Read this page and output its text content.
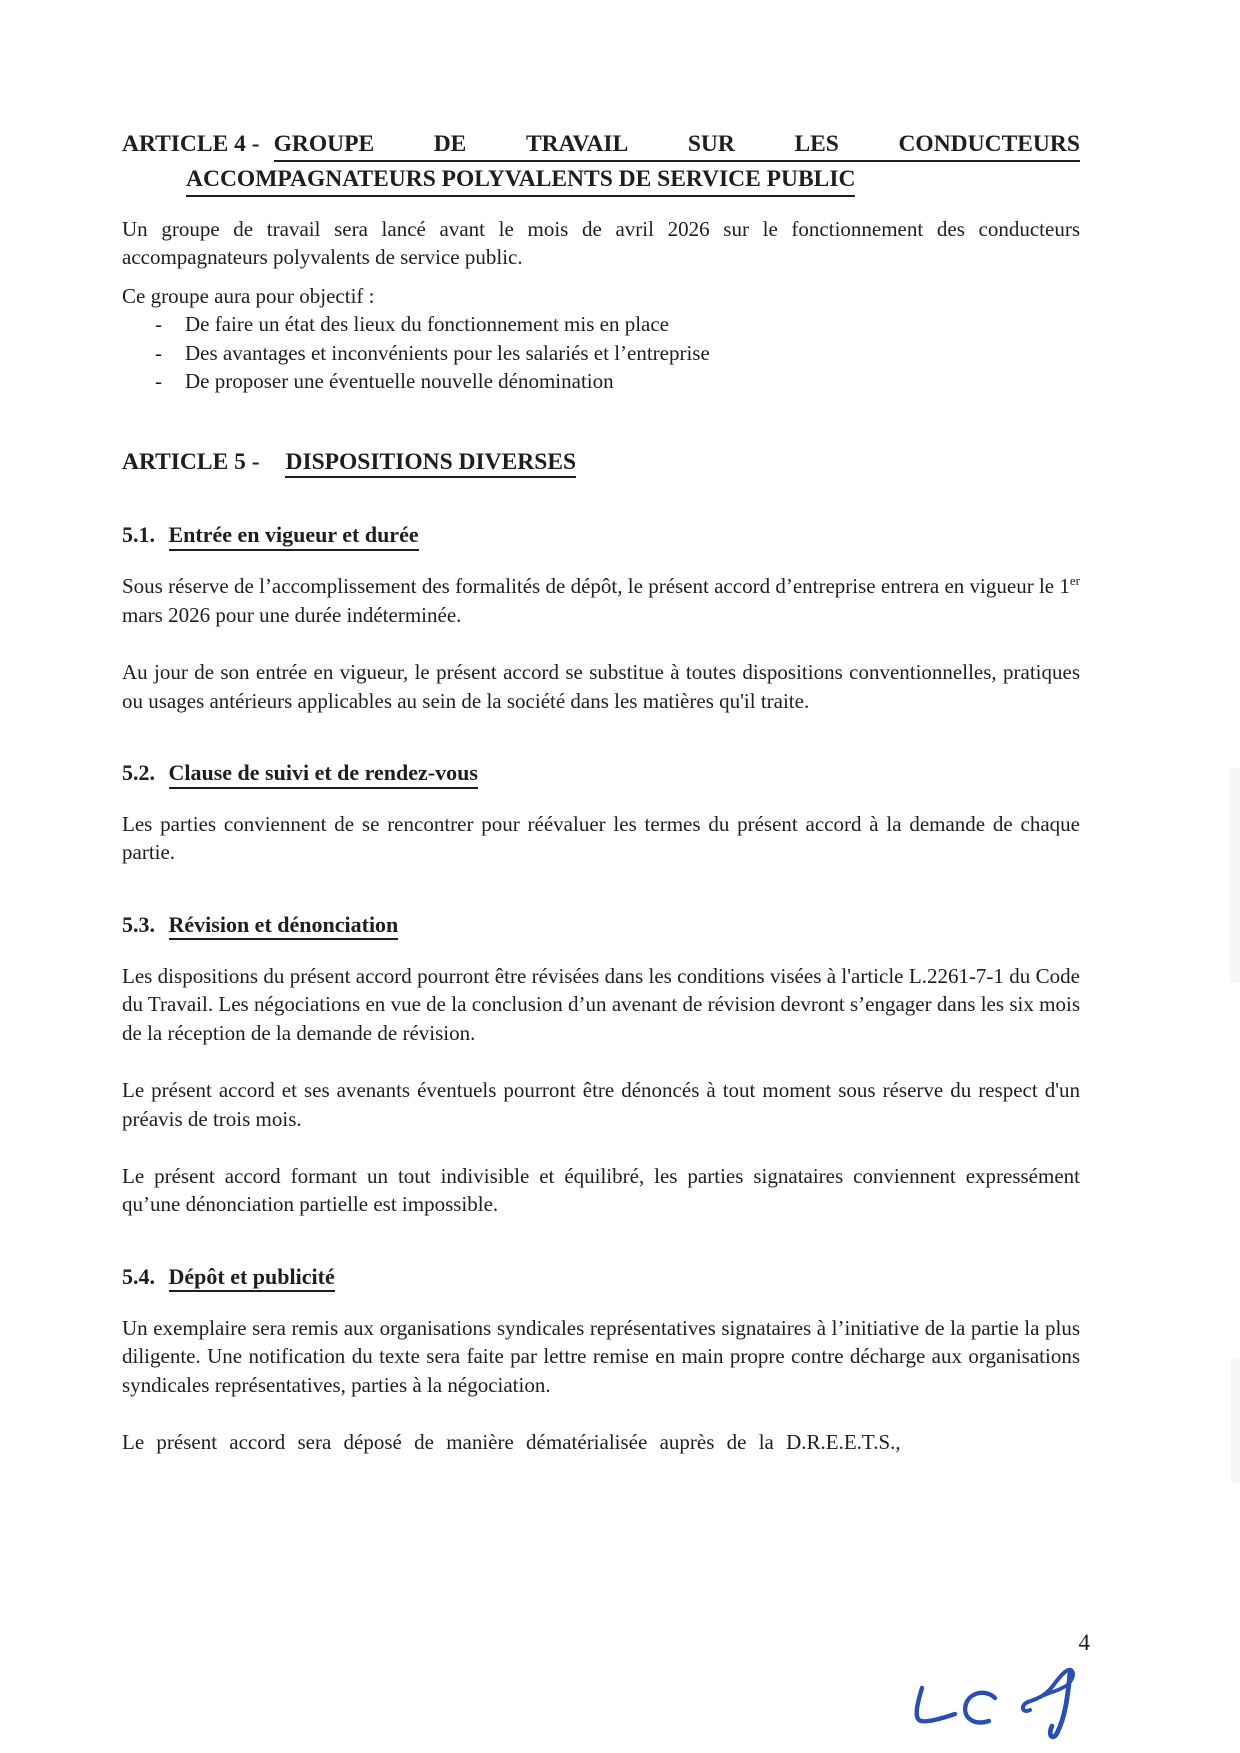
ARTICLE 4 - GROUPE	DE	TRAVAIL	SUR	LES	CONDUCTEURS
ACCOMPAGNATEURS POLYVALENTS DE SERVICE PUBLIC

Un groupe de travail sera lancé avant le mois de avril 2026 sur le fonctionnement des conducteurs accompagnateurs polyvalents de service public.

Ce groupe aura pour objectif :

- De faire un état des lieux du fonctionnement mis en place
- Des avantages et inconvénients pour les salariés et l’entreprise
- De proposer une éventuelle nouvelle dénomination
ARTICLE 5 - DISPOSITIONS DIVERSES
5.1. Entrée en vigueur et durée

Sous réserve de l’accomplissement des formalités de dépôt, le présent accord d’entreprise entrera en vigueur le 1er mars 2026 pour une durée indéterminée.

Au jour de son entrée en vigueur, le présent accord se substitue à toutes dispositions conventionnelles, pratiques ou usages antérieurs applicables au sein de la société dans les matières qu'il traite.

5.2. Clause de suivi et de rendez-vous

Les parties conviennent de se rencontrer pour réévaluer les termes du présent accord à la demande de chaque partie.

5.3. Révision et dénonciation

Les dispositions du présent accord pourront être révisées dans les conditions visées à l'article L.2261-7-1 du Code du Travail. Les négociations en vue de la conclusion d’un avenant de révision devront s’engager dans les six mois de la réception de la demande de révision.

Le présent accord et ses avenants éventuels pourront être dénoncés à tout moment sous réserve du respect d'un préavis de trois mois.

Le présent accord formant un tout indivisible et équilibré, les parties signataires conviennent expressément qu’une dénonciation partielle est impossible.

5.4. Dépôt et publicité

Un exemplaire sera remis aux organisations syndicales représentatives signataires à l’initiative de la partie la plus diligente. Une notification du texte sera faite par lettre remise en main propre contre décharge aux organisations syndicales représentatives, parties à la négociation.

Le présent accord sera déposé de manière dématérialisée auprès de la D.R.E.E.T.S.,

4
